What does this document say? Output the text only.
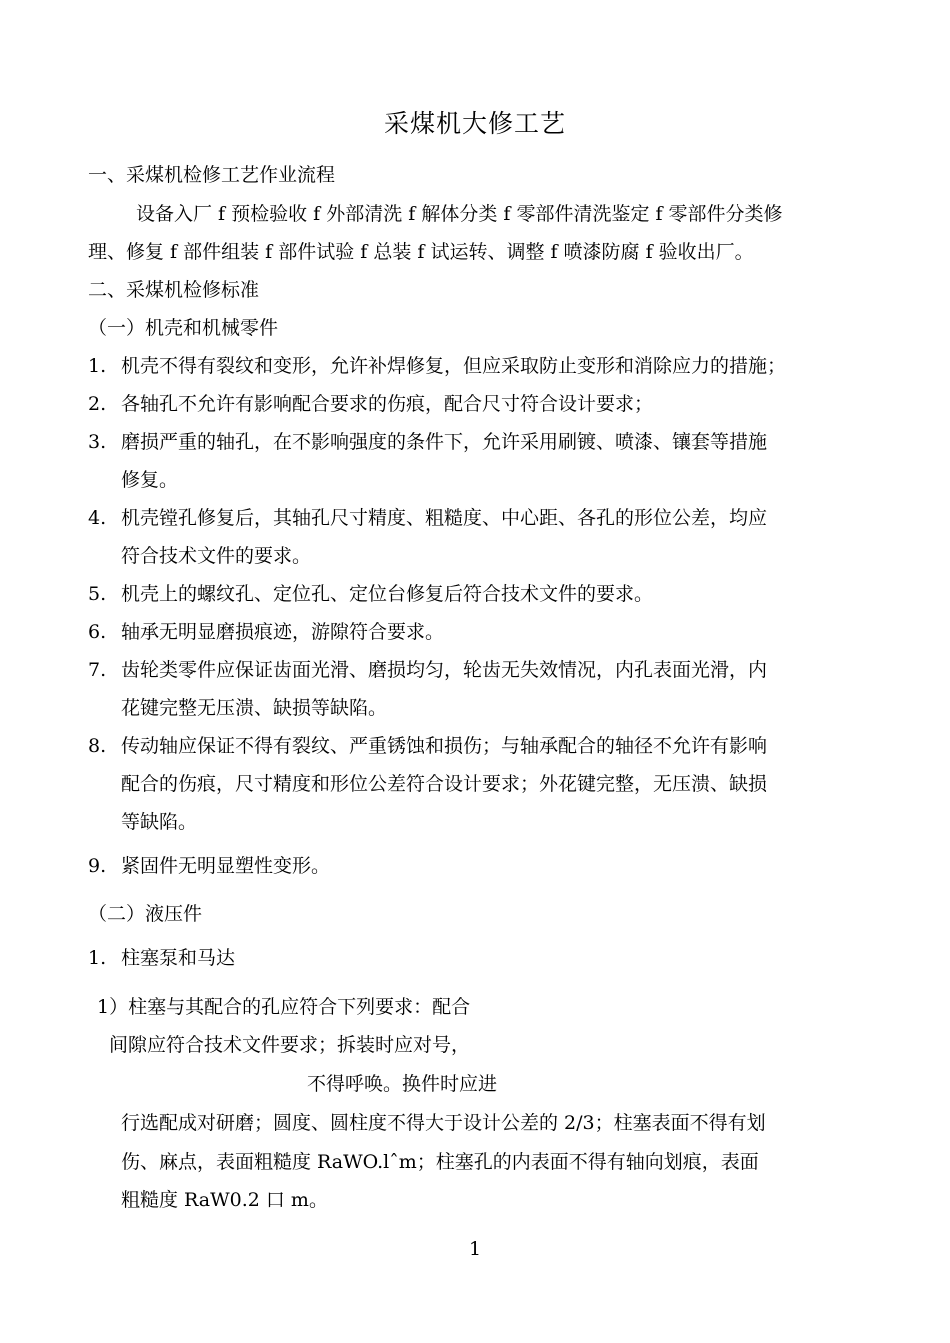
采煤机大修工艺
一、采煤机检修工艺作业流程
设备入厂 f 预检验收 f 外部清洗 f 解体分类 f 零部件清洗鉴定 f 零部件分类修
理、修复 f 部件组装 f 部件试验 f 总装 f 试运转、调整 f 喷漆防腐 f 验收出厂。
二、采煤机检修标准
（一）机壳和机械零件
1. 机壳不得有裂纹和变形，允许补焊修复，但应采取防止变形和消除应力的措施；
2. 各轴孔不允许有影响配合要求的伤痕，配合尺寸符合设计要求；
3. 磨损严重的轴孔，在不影响强度的条件下，允许采用刷镀、喷漆、镶套等措施
修复。
4. 机壳镗孔修复后，其轴孔尺寸精度、粗糙度、中心距、各孔的形位公差，均应
符合技术文件的要求。
5. 机壳上的螺纹孔、定位孔、定位台修复后符合技术文件的要求。
6. 轴承无明显磨损痕迹，游隙符合要求。
7. 齿轮类零件应保证齿面光滑、磨损均匀，轮齿无失效情况，内孔表面光滑，内
花键完整无压溃、缺损等缺陷。
8. 传动轴应保证不得有裂纹、严重锈蚀和损伤；与轴承配合的轴径不允许有影响
配合的伤痕，尺寸精度和形位公差符合设计要求；外花键完整，无压溃、缺损
等缺陷。
9. 紧固件无明显塑性变形。
（二）液压件
1. 柱塞泵和马达
1）柱塞与其配合的孔应符合下列要求：配合
间隙应符合技术文件要求；拆装时应对号，
不得呼唤。换件时应进
行选配成对研磨；圆度、圆柱度不得大于设计公差的 2/3；柱塞表面不得有划
伤、麻点，表面粗糙度 RaWO.lˆm；柱塞孔的内表面不得有轴向划痕，表面
粗糙度 RaW0.2 口 m。
1
